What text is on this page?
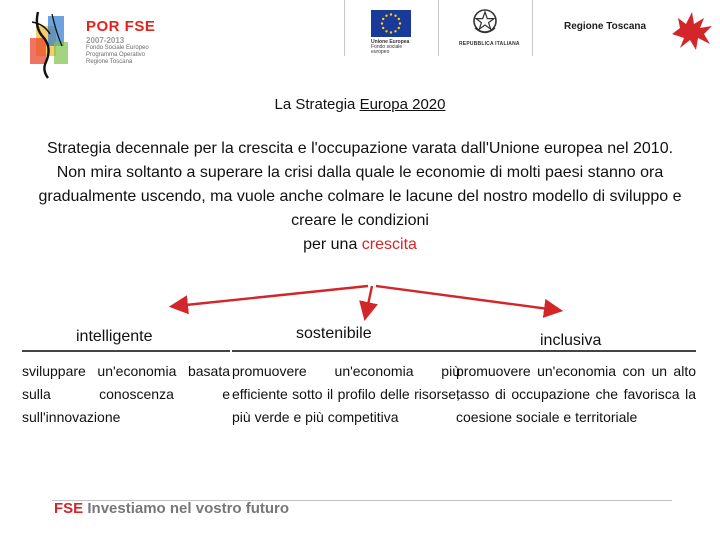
POR FSE
2007-2013
Fondo Sociale Europeo
Programma Operativo
Regione Toscana
Unione Europea
Fondo sociale europeo
REPUBBLICA ITALIANA
Regione Toscana
La Strategia Europa 2020

Strategia decennale per la crescita e l'occupazione varata dall'Unione europea nel 2010.

Non mira soltanto a superare la crisi dalla quale le economie di molti paesi stanno ora gradualmente uscendo, ma vuole anche colmare le lacune del nostro modello di sviluppo e creare le condizioni

per una crescita

intelligente

sviluppare un'economia basata sulla conoscenza e sull'innovazione

sostenibile

promuovere un'economia più efficiente sotto il profilo delle risorse, più verde e più competitiva

inclusiva

promuovere un'economia con un alto tasso di occupazione che favorisca la coesione sociale e territoriale

FSE Investiamo nel vostro futuro
